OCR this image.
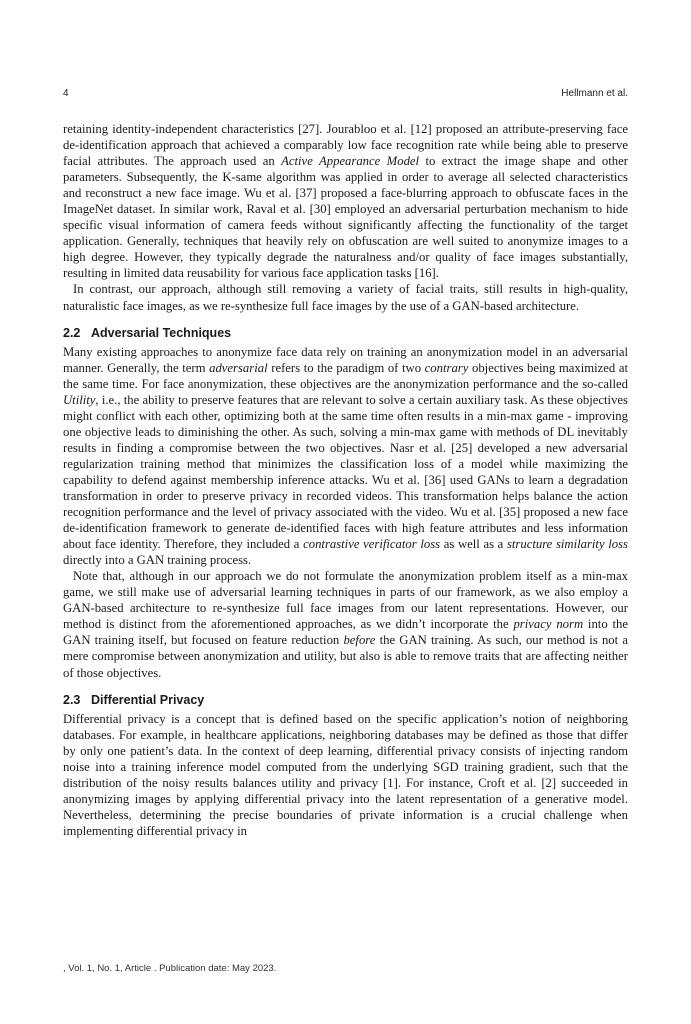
4	Hellmann et al.

retaining identity-independent characteristics [27]. Jourabloo et al. [12] proposed an attribute-preserving face de-identification approach that achieved a comparably low face recognition rate while being able to preserve facial attributes. The approach used an Active Appearance Model to extract the image shape and other parameters. Subsequently, the K-same algorithm was applied in order to average all selected characteristics and reconstruct a new face image. Wu et al. [37] proposed a face-blurring approach to obfuscate faces in the ImageNet dataset. In similar work, Raval et al. [30] employed an adversarial perturbation mechanism to hide specific visual information of camera feeds without significantly affecting the functionality of the target application. Generally, techniques that heavily rely on obfuscation are well suited to anonymize images to a high degree. However, they typically degrade the naturalness and/or quality of face images substantially, resulting in limited data reusability for various face application tasks [16].

In contrast, our approach, although still removing a variety of facial traits, still results in high-quality, naturalistic face images, as we re-synthesize full face images by the use of a GAN-based architecture.

2.2 Adversarial Techniques

Many existing approaches to anonymize face data rely on training an anonymization model in an adversarial manner. Generally, the term adversarial refers to the paradigm of two contrary objectives being maximized at the same time. For face anonymization, these objectives are the anonymization performance and the so-called Utility, i.e., the ability to preserve features that are relevant to solve a certain auxiliary task. As these objectives might conflict with each other, optimizing both at the same time often results in a min-max game - improving one objective leads to diminishing the other. As such, solving a min-max game with methods of DL inevitably results in finding a compromise between the two objectives. Nasr et al. [25] developed a new adversarial regularization training method that minimizes the classification loss of a model while maximizing the capability to defend against membership inference attacks. Wu et al. [36] used GANs to learn a degradation transformation in order to preserve privacy in recorded videos. This transformation helps balance the action recognition performance and the level of privacy associated with the video. Wu et al. [35] proposed a new face de-identification framework to generate de-identified faces with high feature attributes and less information about face identity. Therefore, they included a contrastive verificator loss as well as a structure similarity loss directly into a GAN training process.

Note that, although in our approach we do not formulate the anonymization problem itself as a min-max game, we still make use of adversarial learning techniques in parts of our framework, as we also employ a GAN-based architecture to re-synthesize full face images from our latent representations. However, our method is distinct from the aforementioned approaches, as we didn’t incorporate the privacy norm into the GAN training itself, but focused on feature reduction before the GAN training. As such, our method is not a mere compromise between anonymization and utility, but also is able to remove traits that are affecting neither of those objectives.

2.3 Differential Privacy

Differential privacy is a concept that is defined based on the specific application’s notion of neighboring databases. For example, in healthcare applications, neighboring databases may be defined as those that differ by only one patient’s data. In the context of deep learning, differential privacy consists of injecting random noise into a training inference model computed from the underlying SGD training gradient, such that the distribution of the noisy results balances utility and privacy [1]. For instance, Croft et al. [2] succeeded in anonymizing images by applying differential privacy into the latent representation of a generative model. Nevertheless, determining the precise boundaries of private information is a crucial challenge when implementing differential privacy in

, Vol. 1, No. 1, Article . Publication date: May 2023.
